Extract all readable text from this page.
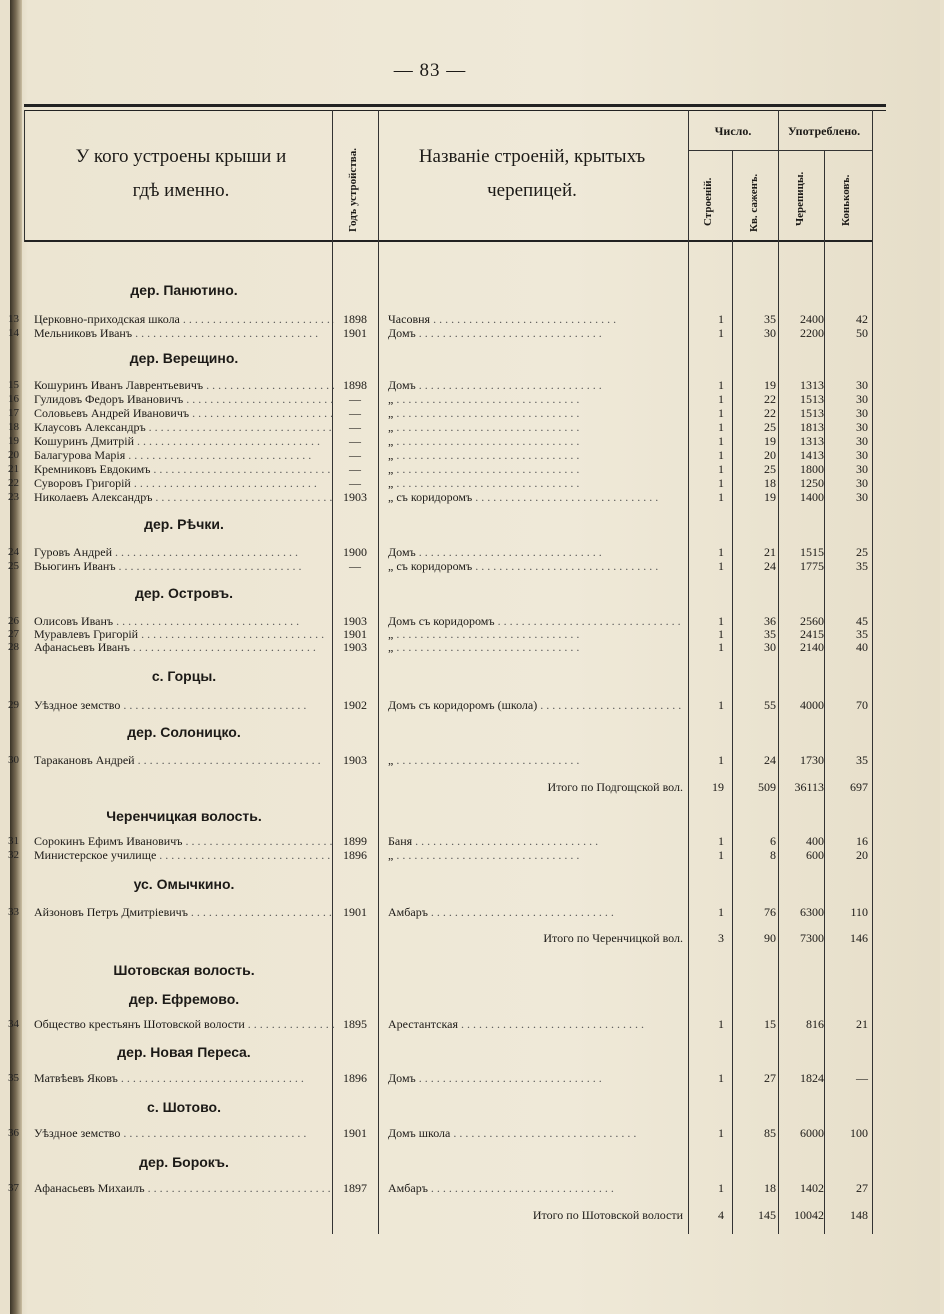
— 83 —
У кого устроены крыши и
гдѣ именно.	Годъ устройства.	Названіе строеній, крытыхъ
черепицей.
Число.	Употреблено.
Строеній.	Кв. саженъ.	Черепицы.	Коньковъ.
дер. Панютино.
13 Церковно-приходская школа . . .	1898	Часовня . . .	1	35	2400	42
14 Мельниковъ Иванъ . . .	1901	Домъ . . .	1	30	2200	50
дер. Верещино.
15 Кошуринъ Иванъ Лаврентьевичъ . . .	1898	Домъ . . .	1	19	1313	30
16 Гулидовъ Федоръ Ивановичъ . . .	—	„ . . .	1	22	1513	30
17 Соловьевъ Андрей Ивановичъ . . .	—	„ . . .	1	22	1513	30
18 Клаусовъ Александръ . . .	—	„ . . .	1	25	1813	30
19 Кошуринъ Дмитрій . . .	—	„ . . .	1	19	1313	30
20 Балагурова Марія . . .	—	„ . . .	1	20	1413	30
21 Кремниковъ Евдокимъ . . .	—	„ . . .	1	25	1800	30
22 Суворовъ Григорій . . .	—	„ . . .	1	18	1250	30
23 Николаевъ Александръ . . .	1903	„ съ коридоромъ . . .	1	19	1400	30
дер. Рѣчки.
24 Гуровъ Андрей . . .	1900	Домъ . . .	1	21	1515	25
25 Вьюгинъ Иванъ . . .	—	„ съ коридоромъ . . .	1	24	1775	35
дер. Островъ.
26 Олисовъ Иванъ . . .	1903	Домъ съ коридоромъ . . .	1	36	2560	45
27 Муравлевъ Григорій . . .	1901	„ . . .	1	35	2415	35
28 Афанасьевъ Иванъ . . .	1903	„ . . .	1	30	2140	40
с. Горцы.
29 Уѣздное земство . . .	1902	Домъ съ коридоромъ (школа) . . .	1	55	4000	70
дер. Солоницко.
30 Таракановъ Андрей . . .	1903	„ . . .	1	24	1730	35
Итого по Подгощской вол.	19	509	36113	697
Черенчицкая волость.
31 Сорокинъ Ефимъ Ивановичъ . . .	1899	Баня . . .	1	6	400	16
32 Министерское училище . . .	1896	„ . . .	1	8	600	20
ус. Омычкино.
33 Айзоновъ Петръ Дмитріевичъ . . .	1901	Амбаръ . . .	1	76	6300	110
Итого по Черенчицкой вол.	3	90	7300	146
Шотовская волость.
дер. Ефремово.
34 Общество крестьянъ Шотовской волости . . .	1895	Арестантская . . .	1	15	816	21
дер. Новая Пересa.
35 Матвѣевъ Яковъ . . .	1896	Домъ . . .	1	27	1824	—
с. Шотово.
36 Уѣздное земство . . .	1901	Домъ школа . . .	1	85	6000	100
дер. Борокъ.
37 Афанасьевъ Михаилъ . . .	1897	Амбаръ . . .	1	18	1402	27
Итого по Шотовской волости	4	145	10042	148
